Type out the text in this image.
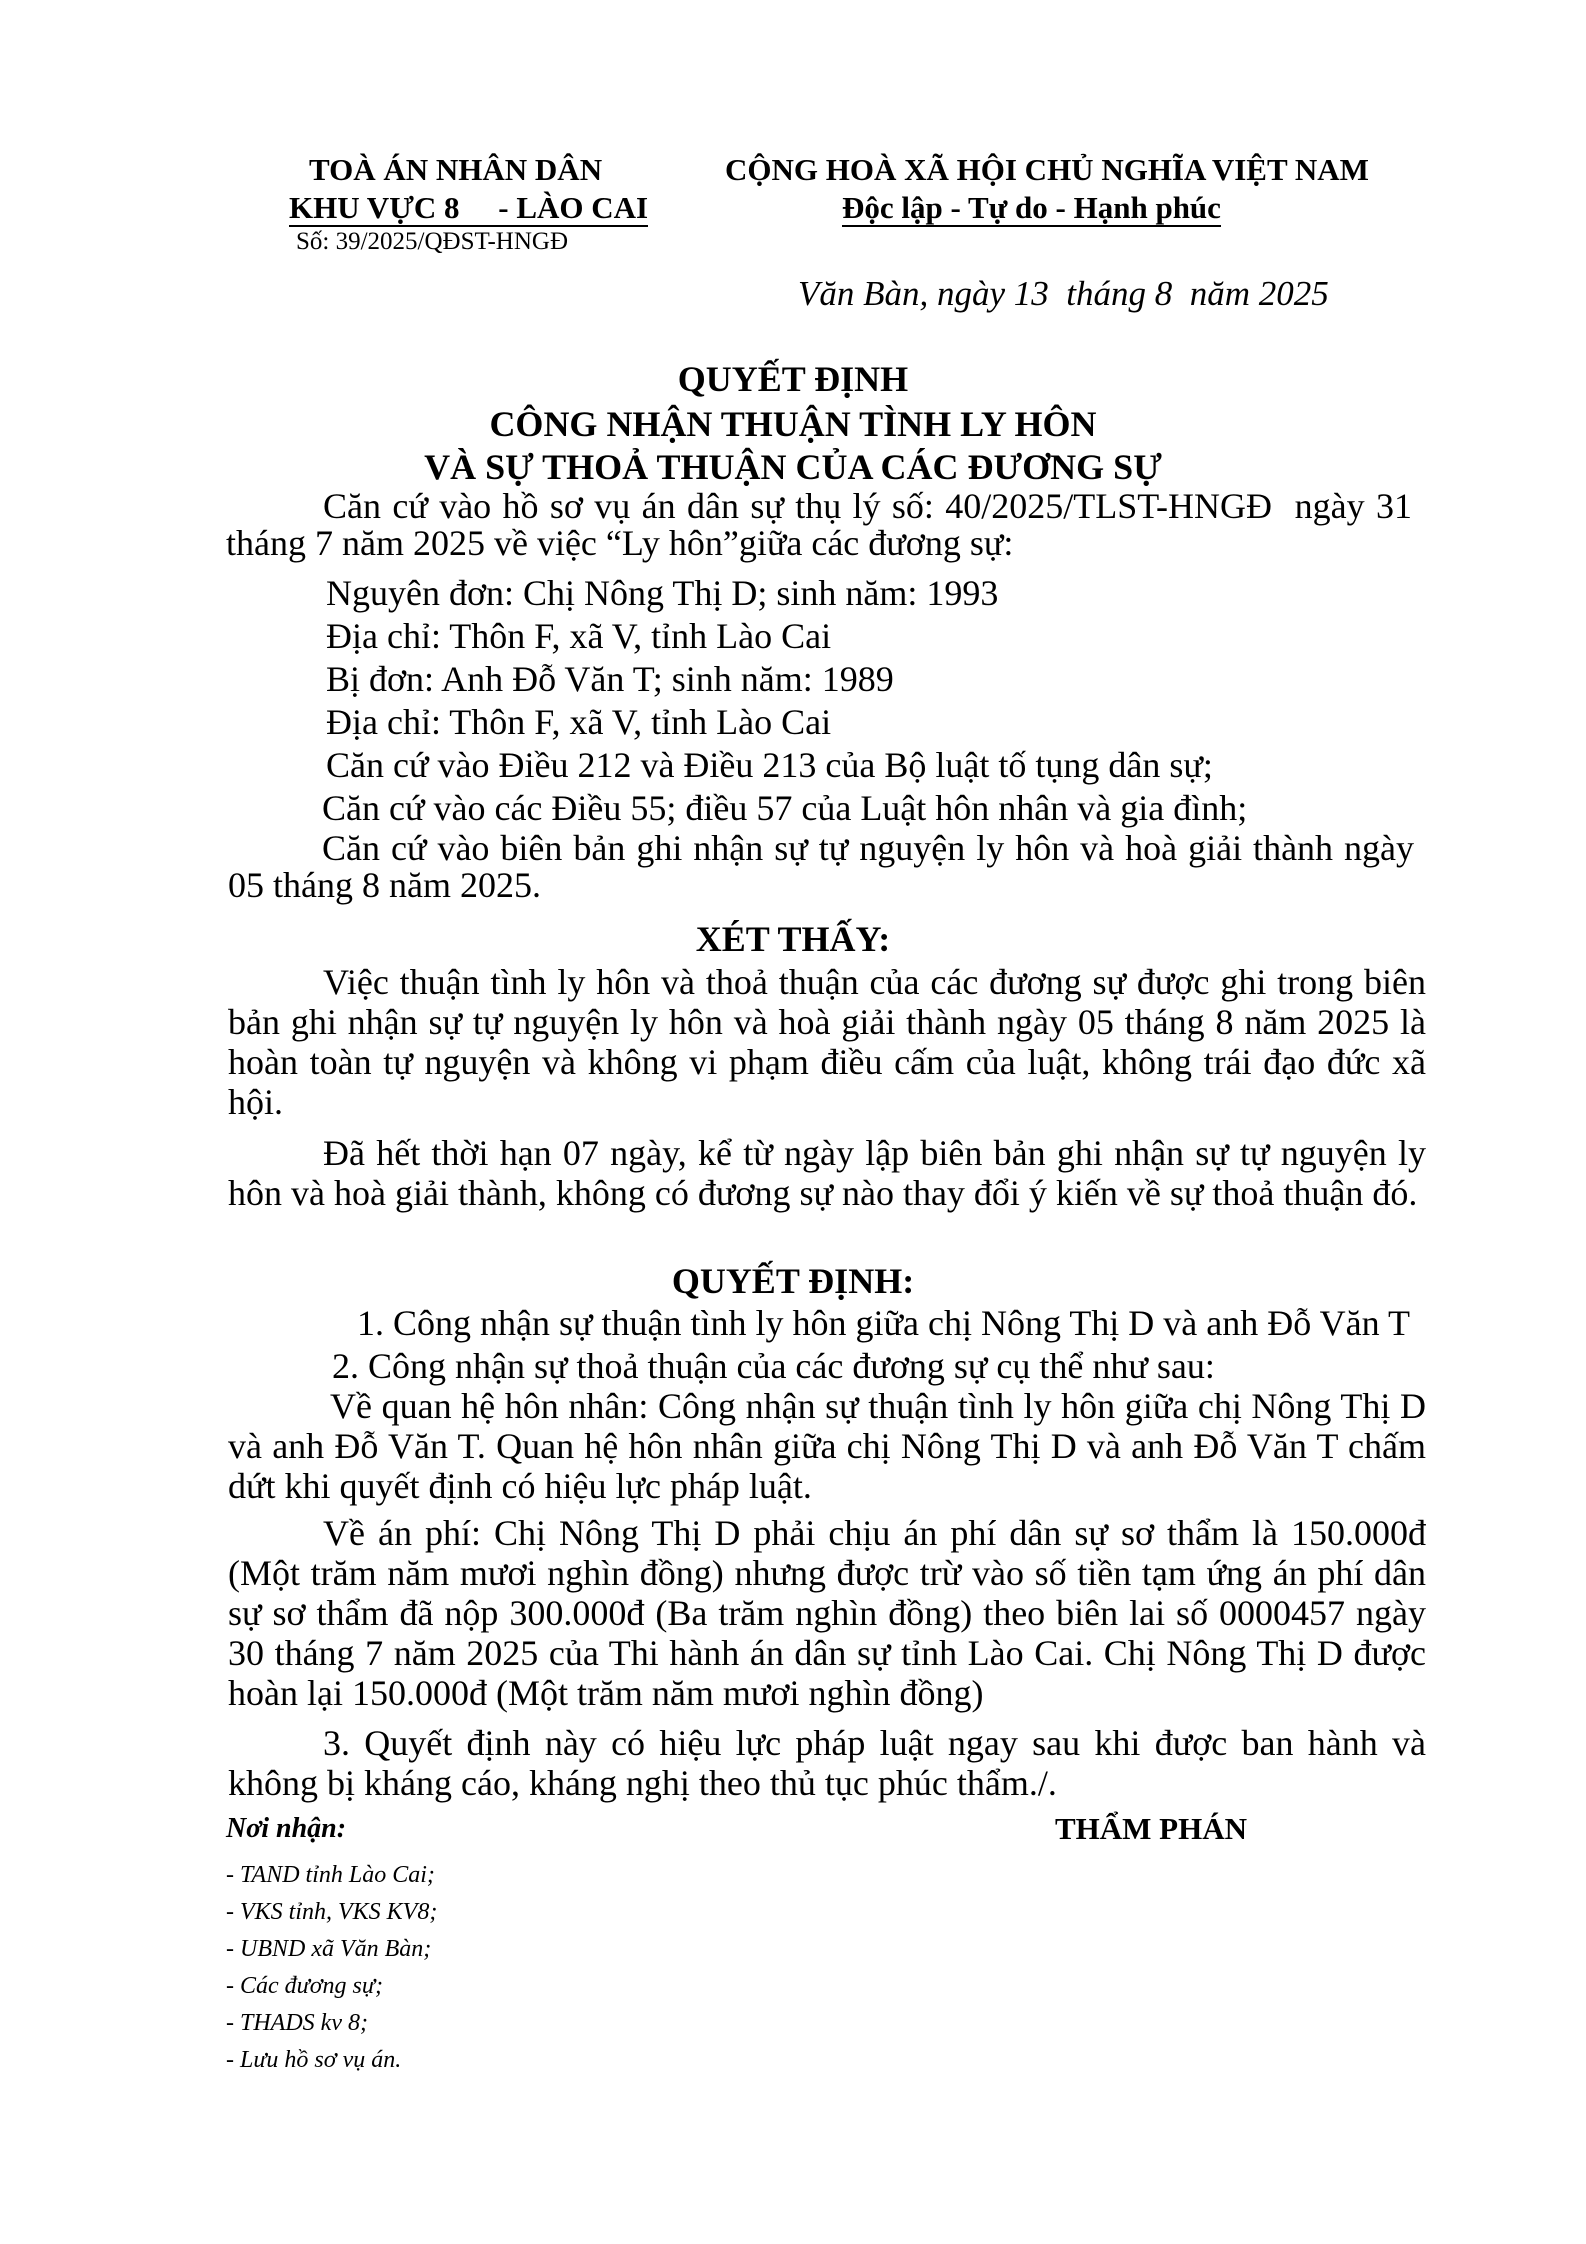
TOÀ ÁN NHÂN DÂN
KHU VỰC 8     - LÀO CAI
Số: 39/2025/QĐST-HNGĐ
CỘNG HOÀ XÃ HỘI CHỦ NGHĨA VIỆT NAM
Độc lập - Tự do - Hạnh phúc
Văn Bàn, ngày 13  tháng 8  năm 2025
QUYẾT ĐỊNH
CÔNG NHẬN THUẬN TÌNH LY HÔN
VÀ SỰ THOẢ THUẬN CỦA CÁC ĐƯƠNG SỰ
Căn cứ vào hồ sơ vụ án dân sự thụ lý số: 40/2025/TLST-HNGĐ  ngày 31 tháng 7 năm 2025 về việc “Ly hôn”giữa các đương sự:
Nguyên đơn: Chị Nông Thị D; sinh năm: 1993
Địa chỉ: Thôn F, xã V, tỉnh Lào Cai
Bị đơn: Anh Đỗ Văn T; sinh năm: 1989
Địa chỉ: Thôn F, xã V, tỉnh Lào Cai
Căn cứ vào Điều 212 và Điều 213 của Bộ luật tố tụng dân sự;
Căn cứ vào các Điều 55; điều 57 của Luật hôn nhân và gia đình;
Căn cứ vào biên bản ghi nhận sự tự nguyện ly hôn và hoà giải thành ngày 05 tháng 8 năm 2025.
XÉT THẤY:
Việc thuận tình ly hôn và thoả thuận của các đương sự được ghi trong biên bản ghi nhận sự tự nguyện ly hôn và hoà giải thành ngày 05 tháng 8 năm 2025 là hoàn toàn tự nguyện và không vi phạm điều cấm của luật, không trái đạo đức xã hội.
Đã hết thời hạn 07 ngày, kể từ ngày lập biên bản ghi nhận sự tự nguyện ly hôn và hoà giải thành, không có đương sự nào thay đổi ý kiến về sự thoả thuận đó.
QUYẾT ĐỊNH:
1. Công nhận sự thuận tình ly hôn giữa chị Nông Thị D và anh Đỗ Văn T
2. Công nhận sự thoả thuận của các đương sự cụ thể như sau:
Về quan hệ hôn nhân: Công nhận sự thuận tình ly hôn giữa chị Nông Thị D và anh Đỗ Văn T. Quan hệ hôn nhân giữa chị Nông Thị D và anh Đỗ Văn T chấm dứt khi quyết định có hiệu lực pháp luật.
Về án phí: Chị Nông Thị D phải chịu án phí dân sự sơ thẩm là 150.000đ (Một trăm năm mươi nghìn đồng) nhưng được trừ vào số tiền tạm ứng án phí dân sự sơ thẩm đã nộp 300.000đ (Ba trăm nghìn đồng) theo biên lai số 0000457 ngày 30 tháng 7 năm 2025 của Thi hành án dân sự tỉnh Lào Cai. Chị Nông Thị D được hoàn lại 150.000đ (Một trăm năm mươi nghìn đồng)
3. Quyết định này có hiệu lực pháp luật ngay sau khi được ban hành và không bị kháng cáo, kháng nghị theo thủ tục phúc thẩm./.
Nơi nhận:	THẨM PHÁN
- TAND tỉnh Lào Cai;
- VKS tỉnh, VKS KV8;
- UBND xã Văn Bàn;
- Các đương sự;
- THADS kv 8;
- Lưu hồ sơ vụ án.
